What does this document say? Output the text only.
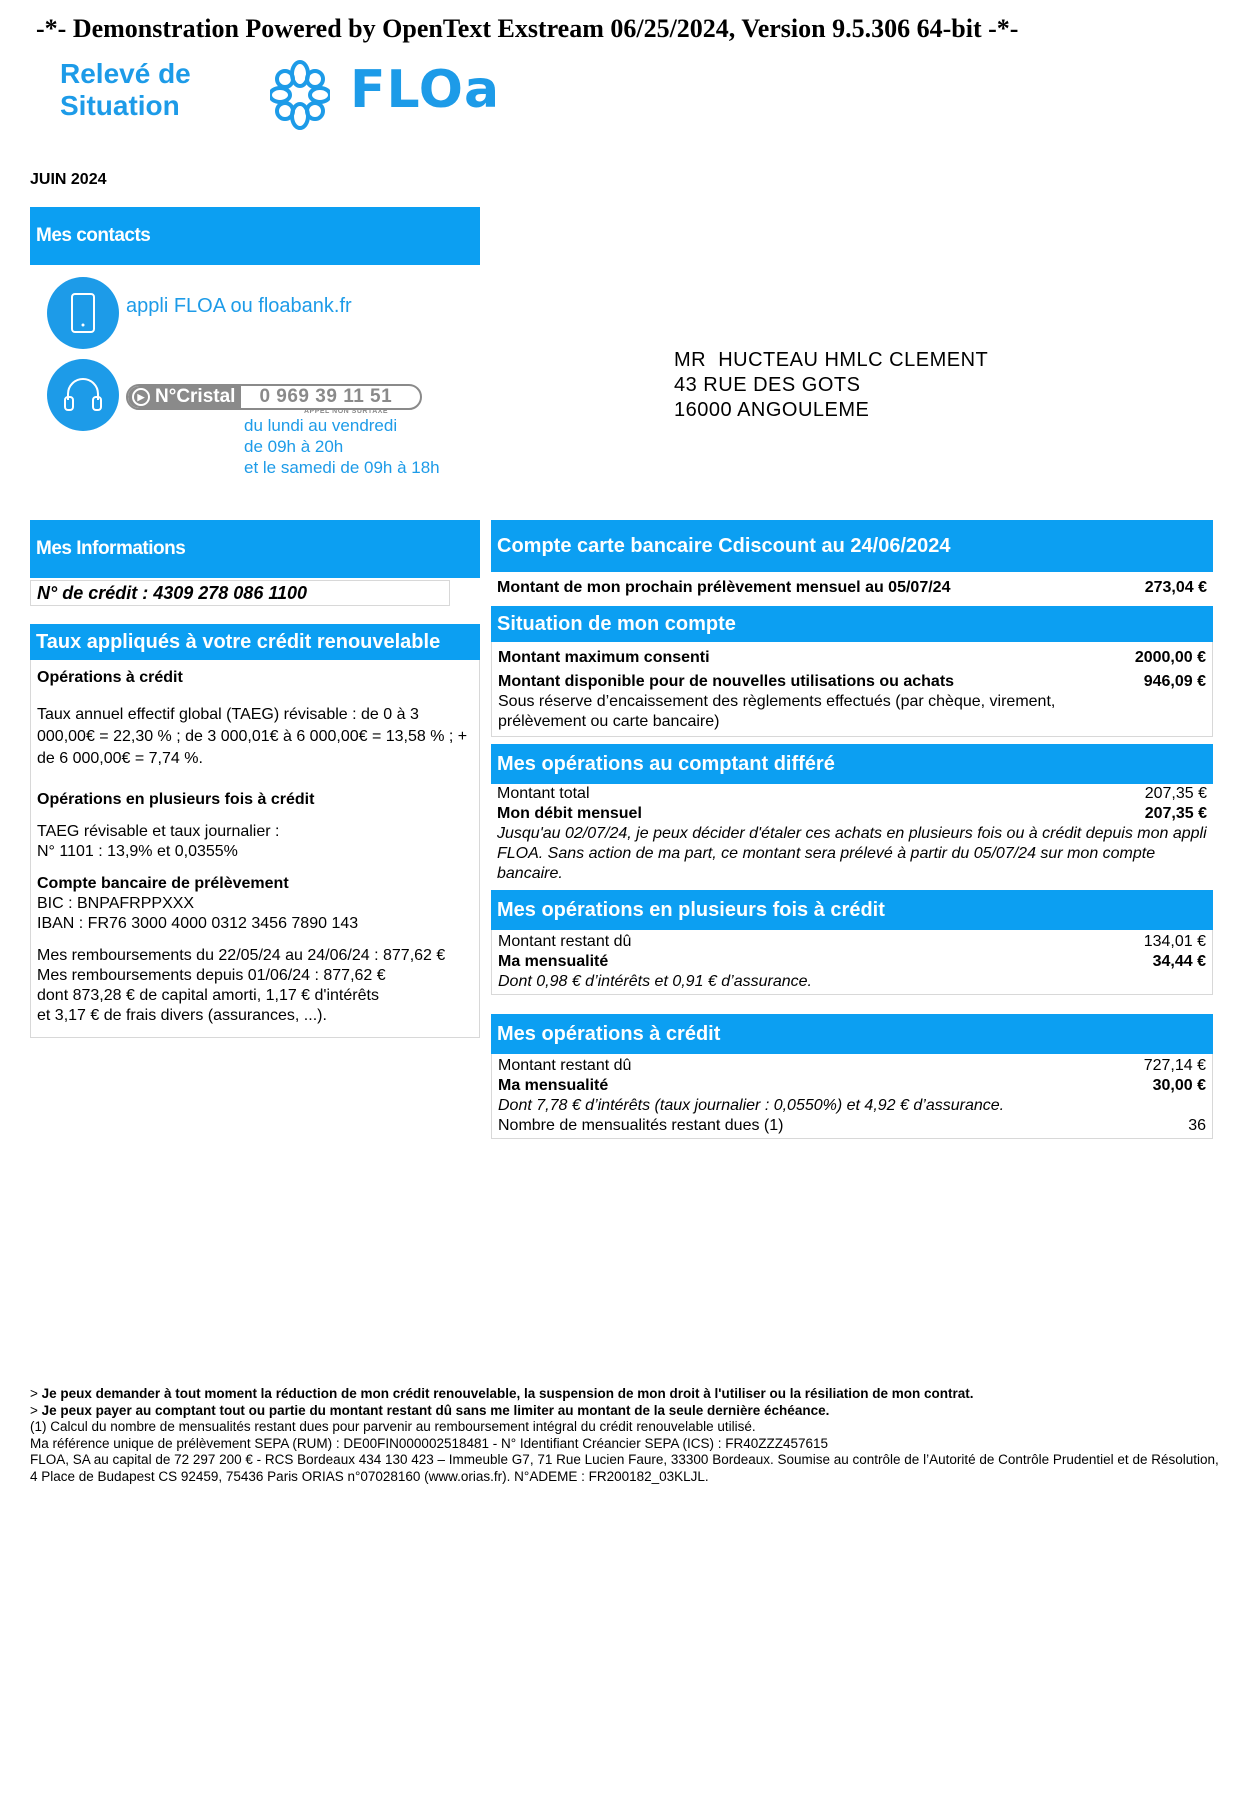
-*- Demonstration Powered by OpenText Exstream 06/25/2024, Version 9.5.306 64-bit -*-
Relevé de
Situation	FLOa
JUIN 2024
Mes contacts
appli FLOA ou floabank.fr
▶ N°Cristal	0 969 39 11 51
APPEL NON SURTAXE
du lundi au vendredi
de 09h à 20h
et le samedi de 09h à 18h
MR  HUCTEAU HMLC CLEMENT
43 RUE DES GOTS
16000 ANGOULEME
Mes Informations
N° de crédit : 4309 278 086 1100
Taux appliqués à votre crédit renouvelable
Opérations à crédit
Taux annuel effectif global (TAEG) révisable : de 0 à 3 000,00€ = 22,30 % ; de 3 000,01€ à 6 000,00€ = 13,58 % ; + de 6 000,00€ = 7,74 %.
Opérations en plusieurs fois à crédit
TAEG révisable et taux journalier :
N° 1101 : 13,9% et 0,0355%
Compte bancaire de prélèvement
BIC : BNPAFRPPXXX
IBAN : FR76 3000 4000 0312 3456 7890 143
Mes remboursements du 22/05/24 au 24/06/24 : 877,62 €
Mes remboursements depuis 01/06/24 : 877,62 €
dont 873,28 € de capital amorti, 1,17 € d'intérêts
et 3,17 € de frais divers (assurances, ...).
Compte carte bancaire Cdiscount au 24/06/2024
Montant de mon prochain prélèvement mensuel au 05/07/24	273,04 €
Situation de mon compte
Montant maximum consenti	2000,00 €
Montant disponible pour de nouvelles utilisations ou achats	946,09 €
Sous réserve d’encaissement des règlements effectués (par chèque, virement, prélèvement ou carte bancaire)
Mes opérations au comptant différé
Montant total	207,35 €
Mon débit mensuel	207,35 €
Jusqu'au 02/07/24, je peux décider d'étaler ces achats en plusieurs fois ou à crédit depuis mon appli FLOA. Sans action de ma part, ce montant sera prélevé à partir du 05/07/24 sur mon compte bancaire.
Mes opérations en plusieurs fois à crédit
Montant restant dû	134,01 €
Ma mensualité	34,44 €
Dont 0,98 € d’intérêts et 0,91 € d’assurance.
Mes opérations à crédit
Montant restant dû	727,14 €
Ma mensualité	30,00 €
Dont 7,78 € d’intérêts (taux journalier : 0,0550%) et 4,92 € d’assurance.
Nombre de mensualités restant dues (1)	36
> Je peux demander à tout moment la réduction de mon crédit renouvelable, la suspension de mon droit à l'utiliser ou la résiliation de mon contrat.
> Je peux payer au comptant tout ou partie du montant restant dû sans me limiter au montant de la seule dernière échéance.
(1) Calcul du nombre de mensualités restant dues pour parvenir au remboursement intégral du crédit renouvelable utilisé.
Ma référence unique de prélèvement SEPA (RUM) : DE00FIN000002518481 - N° Identifiant Créancier SEPA (ICS) : FR40ZZZ457615
FLOA, SA au capital de 72 297 200 € - RCS Bordeaux 434 130 423 – Immeuble G7, 71 Rue Lucien Faure, 33300 Bordeaux. Soumise au contrôle de l’Autorité de Contrôle Prudentiel et de Résolution, 4 Place de Budapest CS 92459, 75436 Paris ORIAS n°07028160 (www.orias.fr). N°ADEME : FR200182_03KLJL.
